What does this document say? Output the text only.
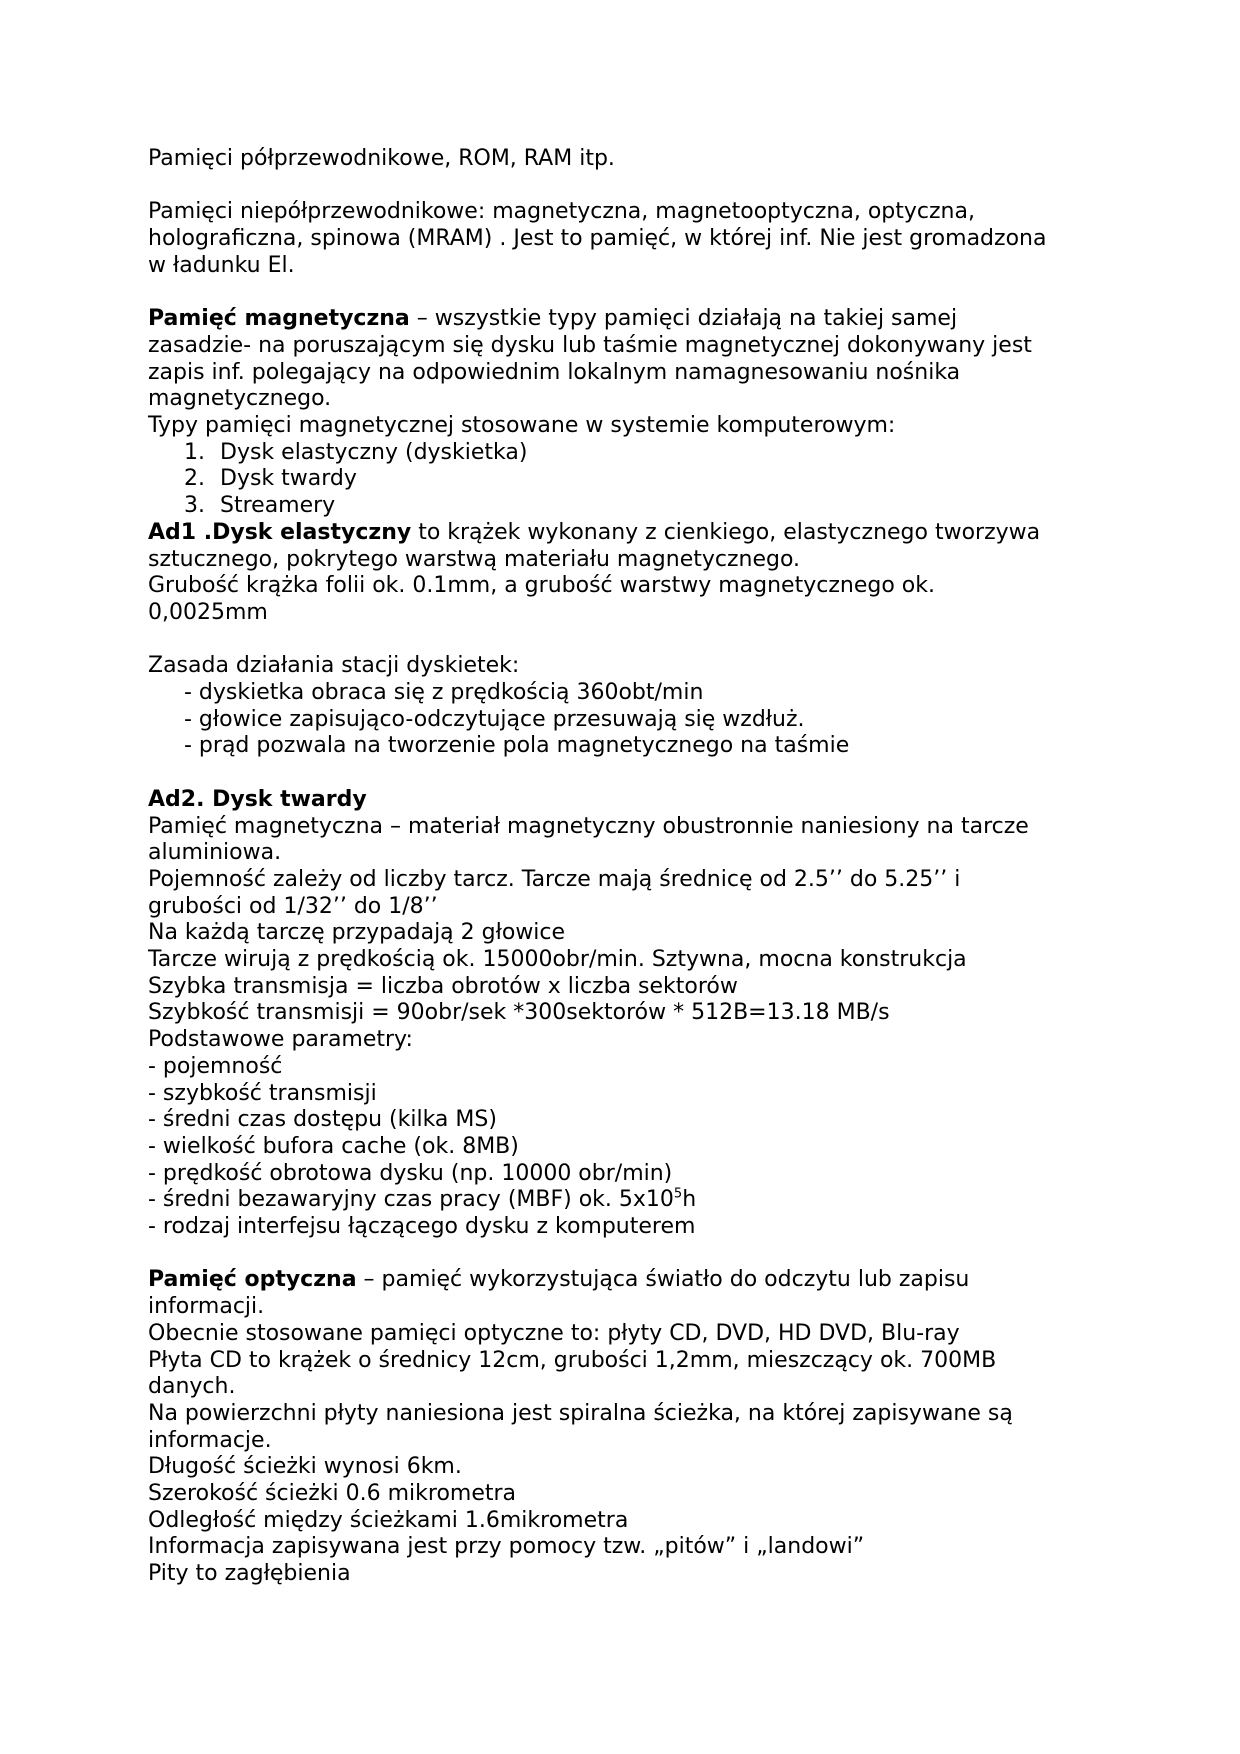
Pamięci półprzewodnikowe, ROM, RAM itp.
Pamięci niepółprzewodnikowe: magnetyczna, magnetooptyczna, optyczna,
holograficzna, spinowa (MRAM) . Jest to pamięć, w której inf. Nie jest gromadzona
w ładunku El.
Pamięć magnetyczna – wszystkie typy pamięci działają na takiej samej
zasadzie- na poruszającym się dysku lub taśmie magnetycznej dokonywany jest
zapis inf. polegający na odpowiednim lokalnym namagnesowaniu nośnika
magnetycznego.
Typy pamięci magnetycznej stosowane w systemie komputerowym:
1. Dysk elastyczny (dyskietka)
2. Dysk twardy
3. Streamery
Ad1 .Dysk elastyczny to krążek wykonany z cienkiego, elastycznego tworzywa
sztucznego, pokrytego warstwą materiału magnetycznego.
Grubość krążka folii ok. 0.1mm, a grubość warstwy magnetycznego ok.
0,0025mm
Zasada działania stacji dyskietek:
- dyskietka obraca się z prędkością 360obt/min
- głowice zapisująco-odczytujące przesuwają się wzdłuż.
- prąd pozwala na tworzenie pola magnetycznego na taśmie
Ad2. Dysk twardy
Pamięć magnetyczna – materiał magnetyczny obustronnie naniesiony na tarcze
aluminiowa.
Pojemność zależy od liczby tarcz. Tarcze mają średnicę od 2.5’’ do 5.25’’ i
grubości od 1/32’’ do 1/8’’
Na każdą tarczę przypadają 2 głowice
Tarcze wirują z prędkością ok. 15000obr/min. Sztywna, mocna konstrukcja
Szybka transmisja = liczba obrotów x liczba sektorów
Szybkość transmisji = 90obr/sek *300sektorów * 512B=13.18 MB/s
Podstawowe parametry:
- pojemność
- szybkość transmisji
- średni czas dostępu (kilka MS)
- wielkość bufora cache (ok. 8MB)
- prędkość obrotowa dysku (np. 10000 obr/min)
- średni bezawaryjny czas pracy (MBF) ok. $5x10^5h$
- rodzaj interfejsu łączącego dysku z komputerem
Pamięć optyczna – pamięć wykorzystująca światło do odczytu lub zapisu
informacji.
Obecnie stosowane pamięci optyczne to: płyty CD, DVD, HD DVD, Blu-ray
Płyta CD to krążek o średnicy 12cm, grubości 1,2mm, mieszczący ok. 700MB
danych.
Na powierzchni płyty naniesiona jest spiralna ścieżka, na której zapisywane są
informacje.
Długość ścieżki wynosi 6km.
Szerokość ścieżki 0.6 mikrometra
Odległość między ścieżkami 1.6mikrometra
Informacja zapisywana jest przy pomocy tzw. „pitów” i „landowi”
Pity to zagłębienia
